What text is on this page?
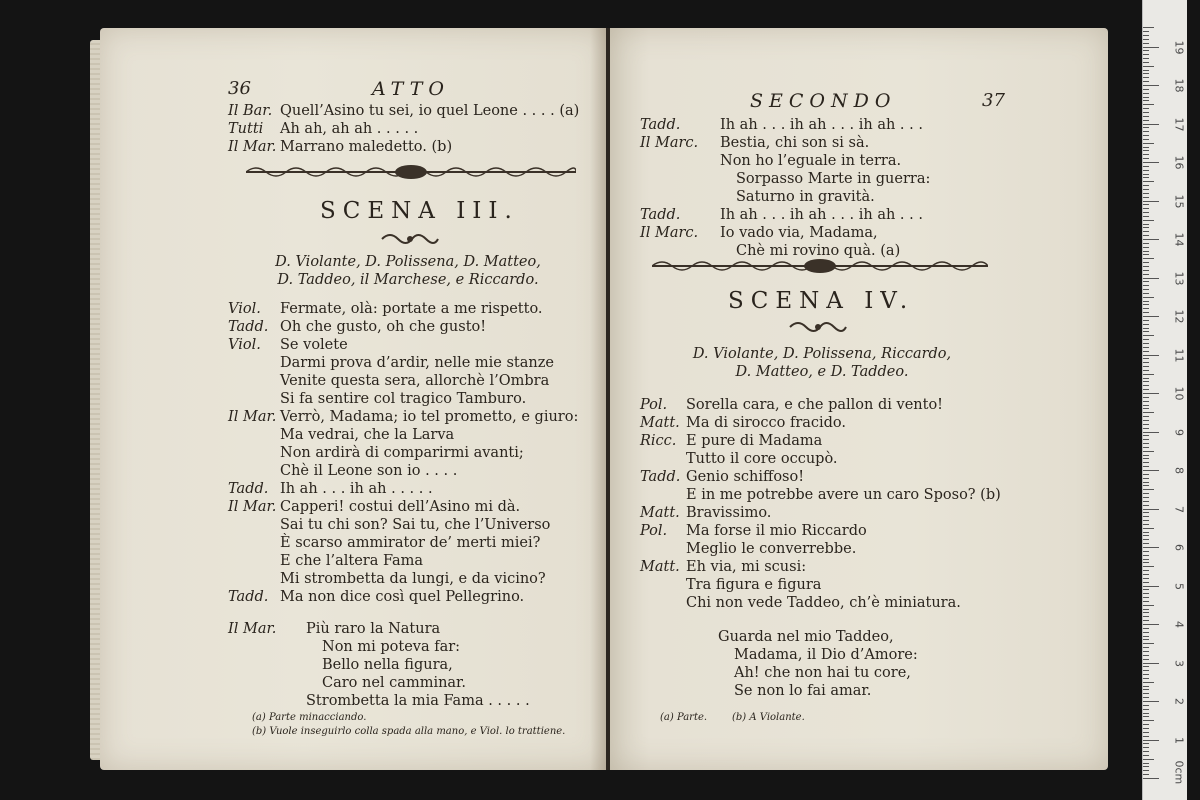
36	ATTO
Il Bar. Quell’Asino tu sei, io quel Leone . . . . (a)
Tutti Ah ah, ah ah . . . . .
Il Mar. Marrano maledetto. (b)
SCENA III.
D. Violante, D. Polissena, D. Matteo,
D. Taddeo, il Marchese, e Riccardo.
Viol. Fermate, olà: portate a me rispetto.
Tadd. Oh che gusto, oh che gusto!
Viol. Se volete
Darmi prova d’ardir, nelle mie stanze
Venite questa sera, allorchè l’Ombra
Si fa sentire col tragico Tamburo.
Il Mar. Verrò, Madama; io tel prometto, e giuro:
Ma vedrai, che la Larva
Non ardirà di comparirmi avanti;
Chè il Leone son io . . . .
Tadd. Ih ah . . . ih ah . . . . .
Il Mar. Capperi! costui dell’Asino mi dà.
Sai tu chi son? Sai tu, che l’Universo
È scarso ammirator de’ merti miei?
E che l’altera Fama
Mi strombetta da lungi, e da vicino?
Tadd. Ma non dice così quel Pellegrino.
Il Mar. Più raro la Natura
Non mi poteva far:
Bello nella figura,
Caro nel camminar.
Strombetta la mia Fama . . . . .
(a) Parte minacciando.
(b) Vuole inseguirlo colla spada alla mano, e Viol. lo trattiene.
SECONDO	37
Tadd.	Ih ah . . . ih ah . . . ih ah . . .
Il Marc. Bestia, chi son si sà.
Non ho l’eguale in terra.
Sorpasso Marte in guerra:
Saturno in gravità.
Tadd.	Ih ah . . . ih ah . . . ih ah . . .
Il Marc. Io vado via, Madama,
Chè mi rovino quà. (a)
SCENA IV.
D. Violante, D. Polissena, Riccardo,
D. Matteo, e D. Taddeo.
Pol. Sorella cara, e che pallon di vento!
Matt. Ma di sirocco fracido.
Ricc. E pure di Madama
Tutto il core occupò.
Tadd. Genio schiffoso!
E in me potrebbe avere un caro Sposo? (b)
Matt. Bravissimo.
Pol. Ma forse il mio Riccardo
Meglio le converrebbe.
Matt. Eh via, mi scusi:
Tra figura e figura
Chi non vede Taddeo, ch’è miniatura.
Guarda nel mio Taddeo,
Madama, il Dio d’Amore:
Ah! che non hai tu core,
Se non lo fai amar.
(a) Parte. (b) A Violante.
0cm
1
2
3
4
5
6
7
8
9
10
11
12
13
14
15
16
17
18
19
